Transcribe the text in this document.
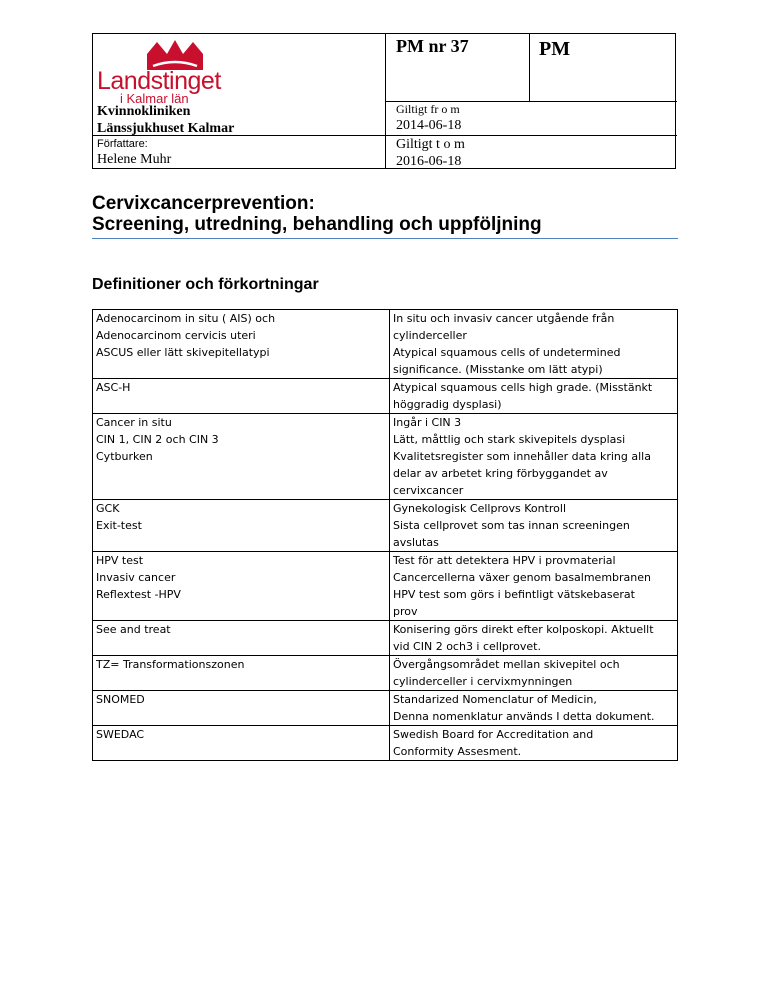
Landstinget
i Kalmar län
PM nr 37	PM
Kvinnokliniken
Länssjukhuset Kalmar
Giltigt fr o m
2014-06-18
Författare:
Helene Muhr
Giltigt t o m
2016-06-18
Cervixcancerprevention:
Screening, utredning, behandling och uppföljning
Definitioner och förkortningar
Adenocarcinom in situ ( AIS) och
Adenocarcinom cervicis uteri
ASCUS eller lätt skivepitellatypi	In situ och invasiv cancer utgående från
cylinderceller
Atypical squamous cells of undetermined
significance. (Misstanke om lätt atypi)

ASC-H	Atypical squamous cells high grade. (Misstänkt
höggradig dysplasi)

Cancer in situ
CIN 1, CIN 2 och CIN 3
Cytburken	Ingår i CIN 3
Lätt, måttlig och stark skivepitels dysplasi
Kvalitetsregister som innehåller data kring alla
delar av arbetet kring förbyggandet av
cervixcancer

GCK
Exit-test	Gynekologisk Cellprovs Kontroll
Sista cellprovet som tas innan screeningen
avslutas

HPV test
Invasiv cancer
Reflextest -HPV	Test för att detektera HPV i provmaterial
Cancercellerna växer genom basalmembranen
HPV test som görs i befintligt vätskebaserat
prov

See and treat	Konisering görs direkt efter kolposkopi. Aktuellt
vid CIN 2 och3 i cellprovet.

TZ= Transformationszonen	Övergångsområdet mellan skivepitel och
cylinderceller i cervixmynningen

SNOMED	Standarized Nomenclatur of Medicin,
Denna nomenklatur används I detta dokument.

SWEDAC	Swedish Board for Accreditation and
Conformity Assesment.
